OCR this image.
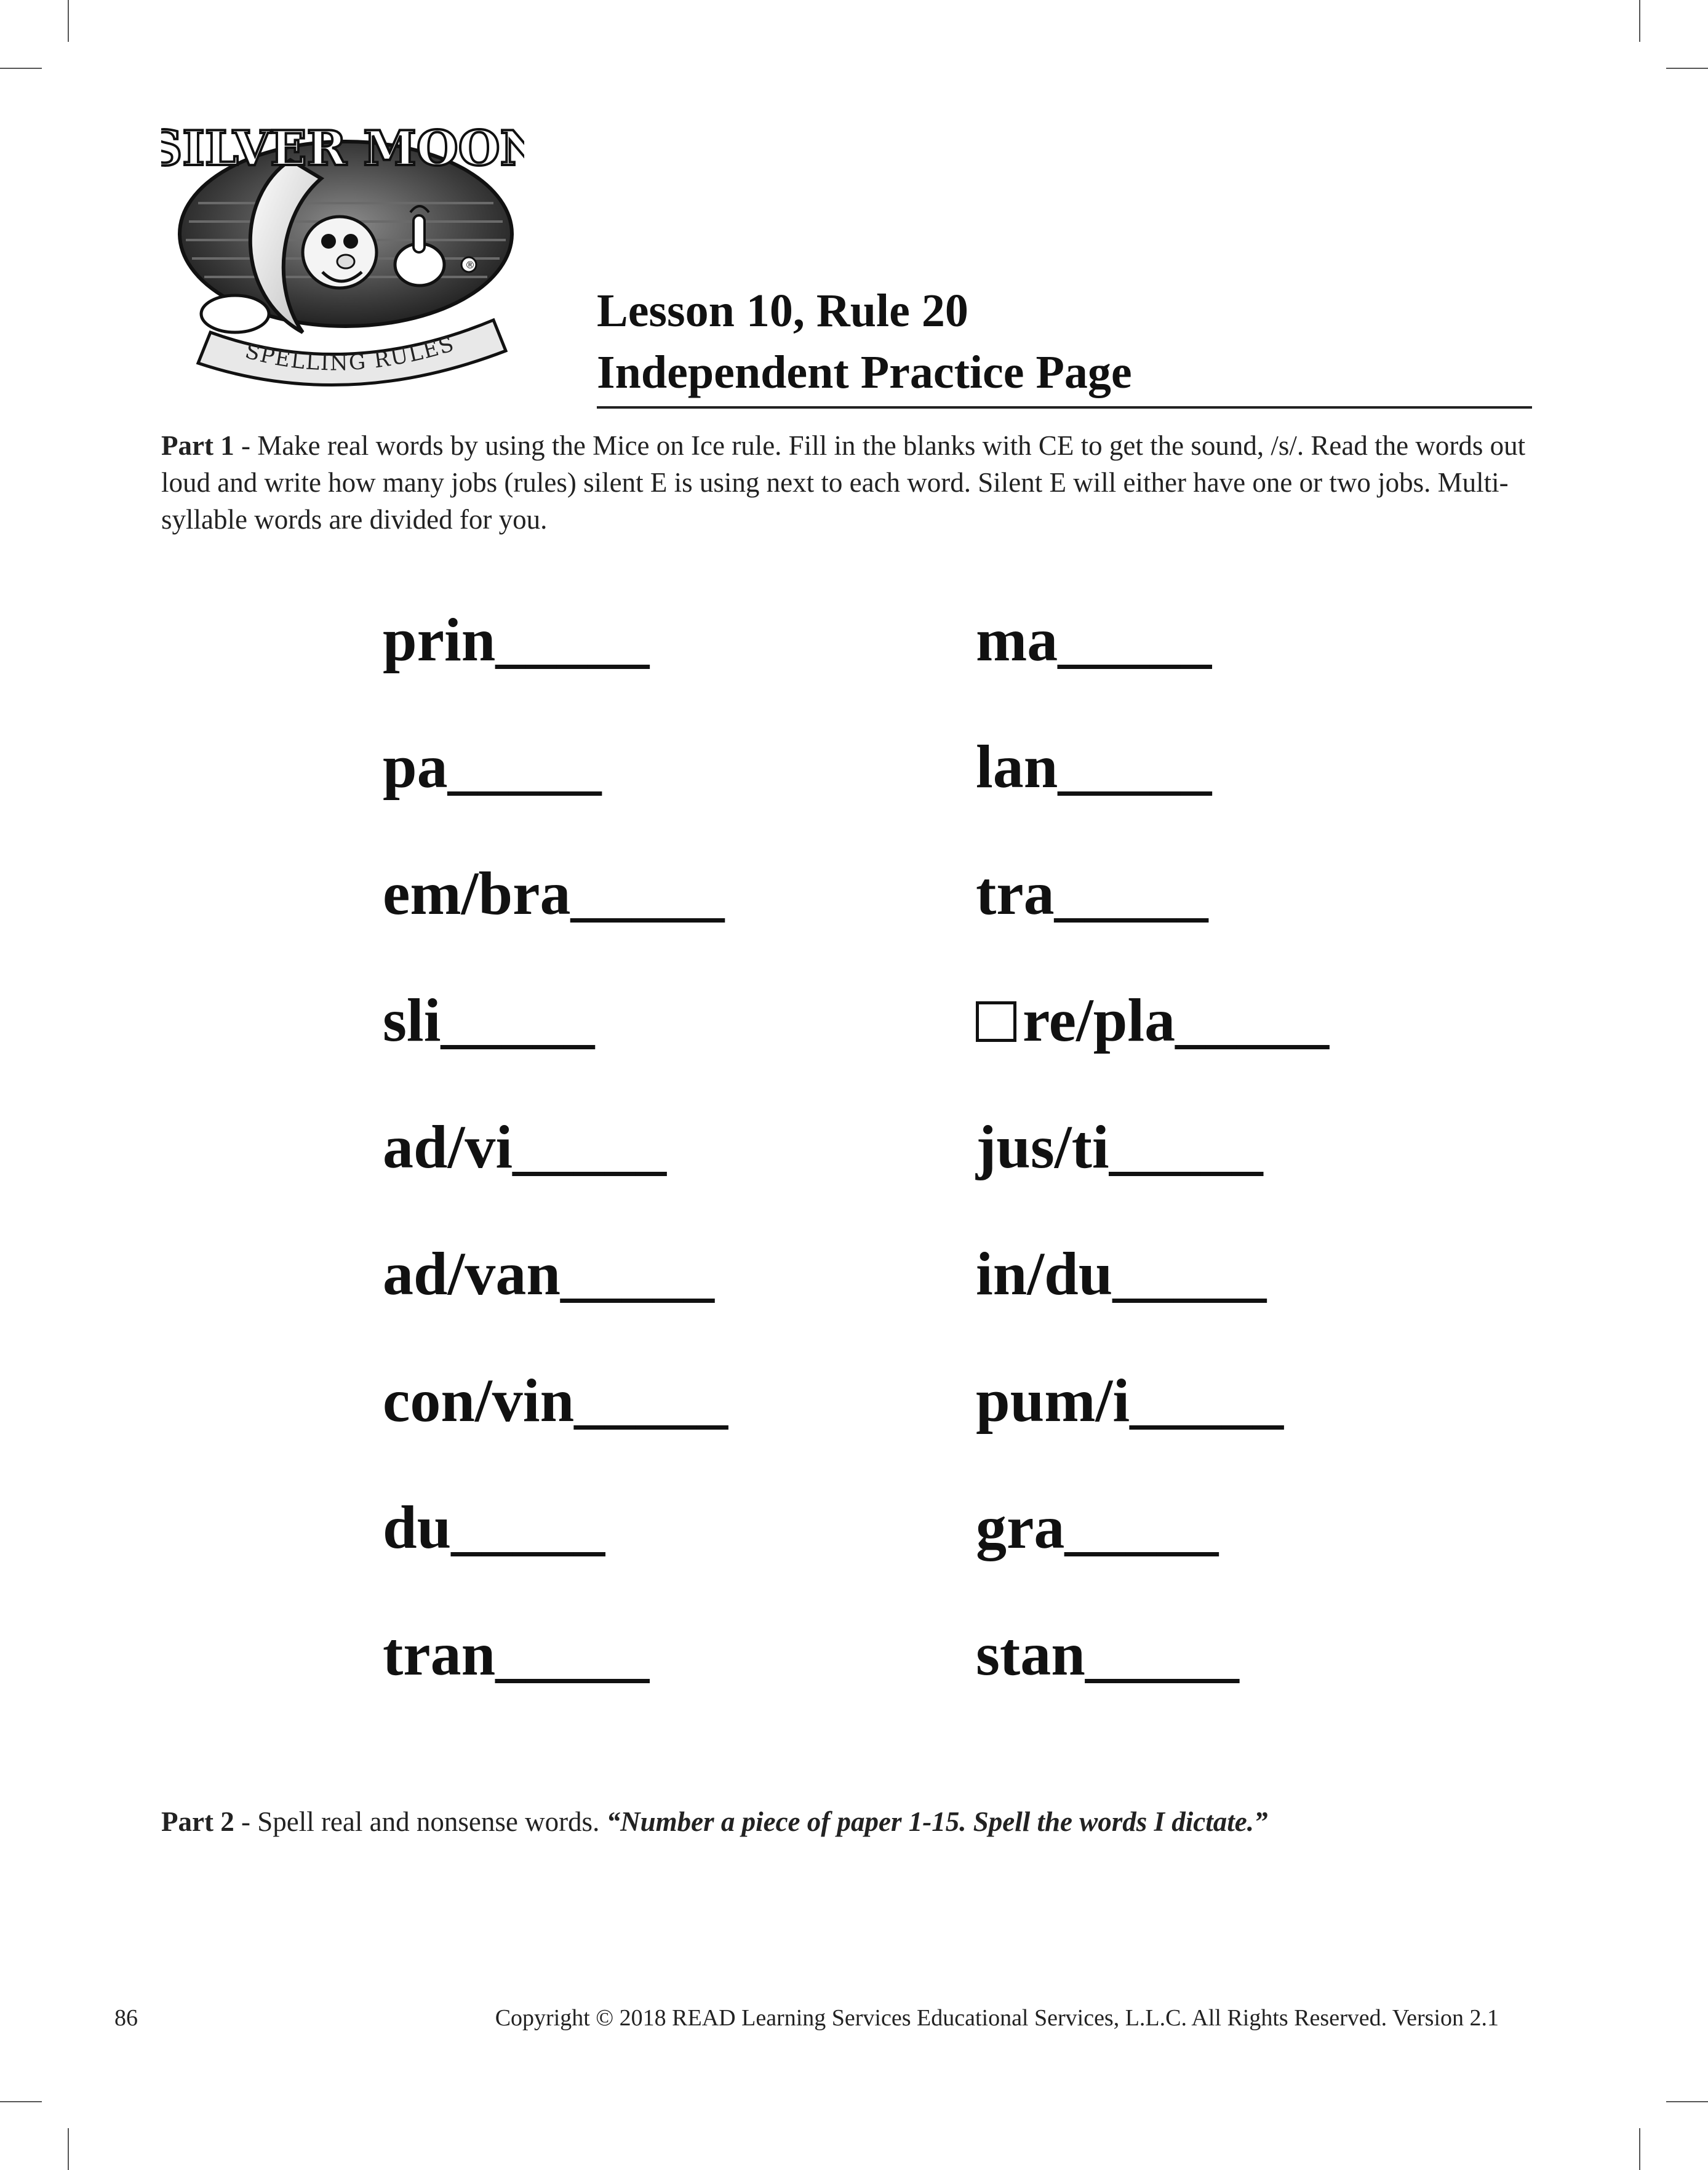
®
SILVER MOON
SPELLING RULES
Lesson 10, Rule 20
Independent Practice Page
Part 1 - Make real words by using the Mice on Ice rule. Fill in the blanks with CE to get the sound, /s/. Read the words out loud and write how many jobs (rules) silent E is using next to each word. Silent E will either have one or two jobs. Multi-syllable words are divided for you.
prin_____
pa_____
em/bra_____
sli_____
ad/vi_____
ad/van_____
con/vin_____
du_____
tran_____
ma_____
lan_____
tra_____
re/pla_____
jus/ti_____
in/du_____
pum/i_____
gra_____
stan_____
Part 2 - Spell real and nonsense words. “Number a piece of paper 1-15. Spell the words I dictate.”
86	Copyright © 2018 READ Learning Services Educational Services, L.L.C. All Rights Reserved. Version 2.1
